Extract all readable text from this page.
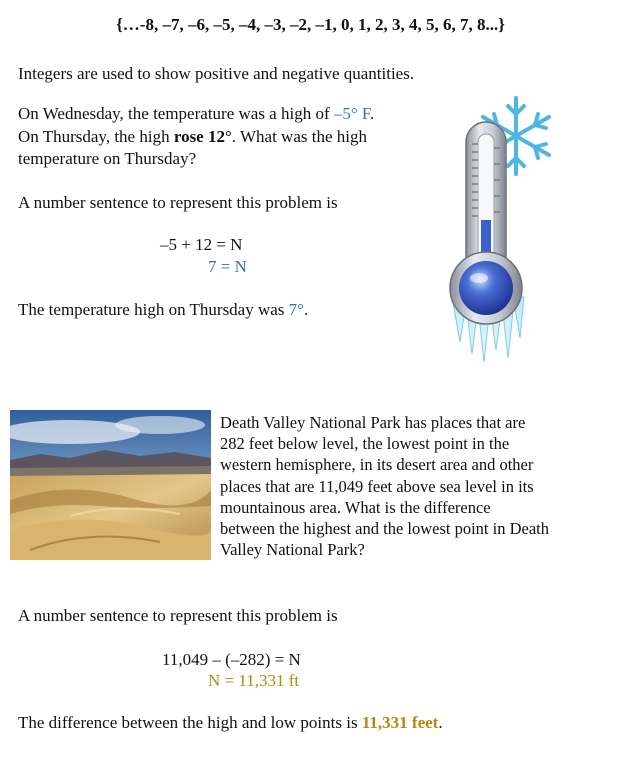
{…-8, –7, –6, –5, –4, –3, –2, –1, 0, 1, 2, 3, 4, 5, 6, 7, 8...}
Integers are used to show positive and negative quantities.
On Wednesday, the temperature was a high of –5° F.
On Thursday, the high rose 12°. What was the high
temperature on Thursday?
A number sentence to represent this problem is
–5 + 12 = N
7 = N
The temperature high on Thursday was 7°.
Death Valley National Park has places that are
282 feet below level, the lowest point in the
western hemisphere, in its desert area and other
places that are 11,049 feet above sea level in its
mountainous area. What is the difference
between the highest and the lowest point in Death
Valley National Park?
A number sentence to represent this problem is
11,049 – (–282) = N
N = 11,331 ft
The difference between the high and low points is 11,331 feet.
